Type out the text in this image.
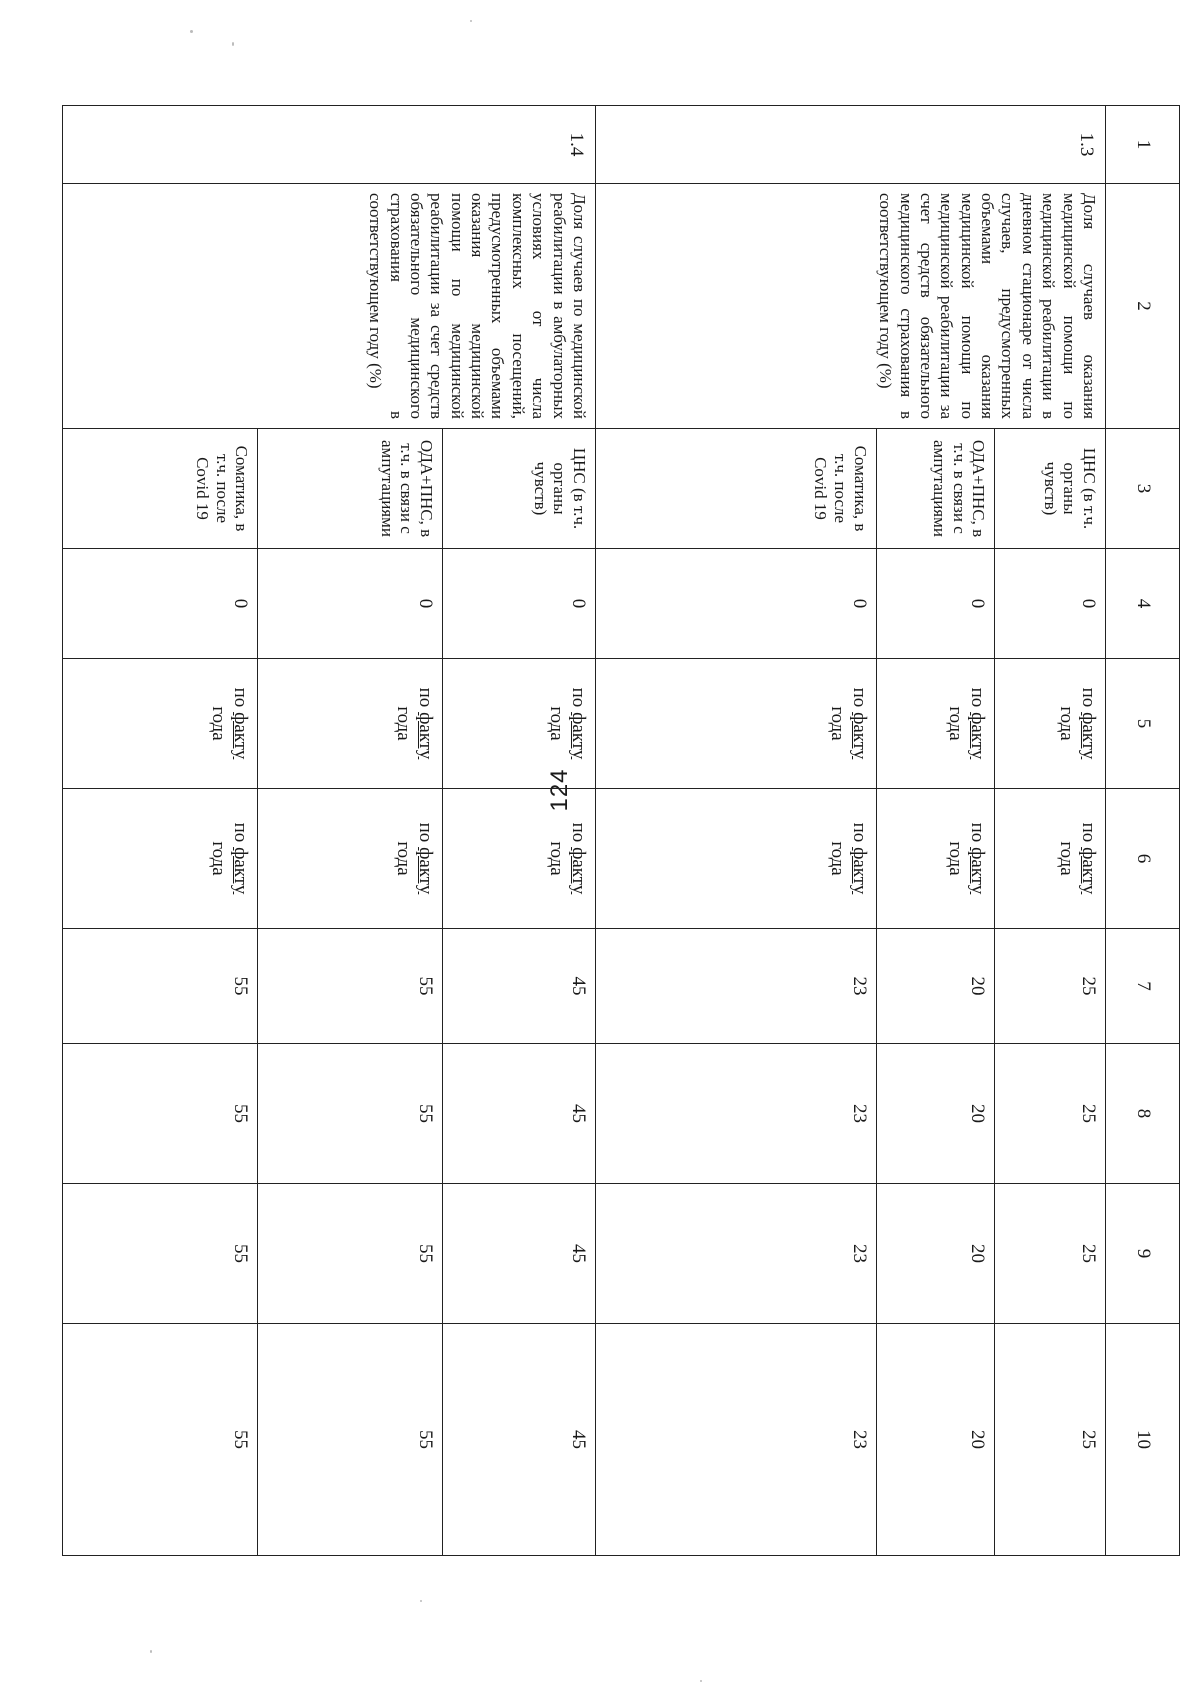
124
1	2	3	4	5	6	7	8	9	10
1.3	Доля случаев оказания медицинской помощи по медицинской реабилитации в дневном стационаре от числа случаев, предусмотренных объемами оказания медицинской помощи по медицинской реабилитации за счет средств обязательного медицинского страхования в соответствующем году (%)	ЦНС (в т.ч. органы чувств)	0	по факту
года	по факту
года	25	25	25	25
		ОДА+ПНС, в т.ч. в связи с ампутациями	0	по факту
года	по факту
года	20	20	20	20
		Соматика, в т.ч. после Covid 19	0	по факту
года	по факту
года	23	23	23	23
1.4	Доля случаев по медицинской реабилитации в амбулаторных условиях от числа комплексных посещений, предусмотренных объемами оказания медицинской помощи по медицинской реабилитации за счет средств обязательного медицинского страхования в соответствующем году (%)	ЦНС (в т.ч. органы чувств)	0	по факту
года	по факту
года	45	45	45	45
		ОДА+ПНС, в т.ч. в связи с ампутациями	0	по факту
года	по факту
года	55	55	55	55
		Соматика, в т.ч. после Covid 19	0	по факту
года	по факту
года	55	55	55	55
